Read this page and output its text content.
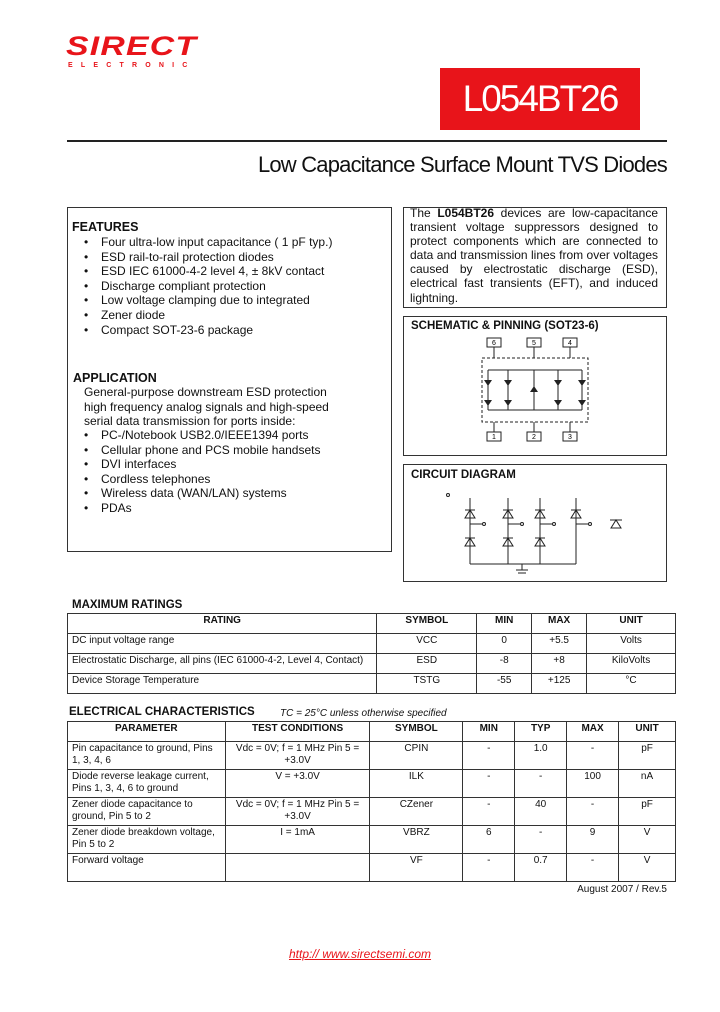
SIRECT
ELECTRONIC
L054BT26
Low Capacitance Surface Mount TVS Diodes
FEATURES
• Four ultra-low input capacitance ( 1 pF typ.)
• ESD rail-to-rail protection diodes
• ESD IEC 61000-4-2 level 4, ± 8kV contact
• Discharge compliant protection
• Low voltage clamping due to integrated
• Zener diode
• Compact SOT-23-6 package
APPLICATION
General-purpose downstream ESD protection high frequency analog signals and high-speed serial data transmission for ports inside:
• PC-/Notebook USB2.0/IEEE1394 ports
• Cellular phone and PCS mobile handsets
• DVI interfaces
• Cordless telephones
• Wireless data (WAN/LAN) systems
• PDAs
The L054BT26 devices are low-capacitance transient voltage suppressors designed to protect components which are connected to data and transmission lines from over voltages caused by electrostatic discharge (ESD), electrical fast transients (EFT), and induced lightning.
SCHEMATIC & PINNING (SOT23-6)
6	5	4
1	2	3
CIRCUIT DIAGRAM
MAXIMUM RATINGS
RATING	SYMBOL	MIN	MAX	UNIT
DC input voltage range	VCC	0	+5.5	Volts
Electrostatic Discharge, all pins (IEC 61000-4-2, Level 4, Contact)	ESD	-8	+8	KiloVolts
Device Storage Temperature	TSTG	-55	+125	°C
ELECTRICAL CHARACTERISTICS	TC = 25°C unless otherwise specified
PARAMETER	TEST CONDITIONS	SYMBOL	MIN	TYP	MAX	UNIT
Pin capacitance to ground, Pins 1, 3, 4, 6	Vdc = 0V; f = 1 MHz Pin 5 = +3.0V	CPIN	-	1.0	-	pF
Diode reverse leakage current, Pins 1, 3, 4, 6 to ground	V = +3.0V	ILK	-	-	100	nA
Zener diode capacitance to ground, Pin 5 to 2	Vdc = 0V; f = 1 MHz Pin 5 = +3.0V	CZener	-	40	-	pF
Zener diode breakdown voltage, Pin 5 to 2	I = 1mA	VBRZ	6	-	9	V
Forward voltage		VF	-	0.7	-	V
August 2007 / Rev.5
http:// www.sirectsemi.com
